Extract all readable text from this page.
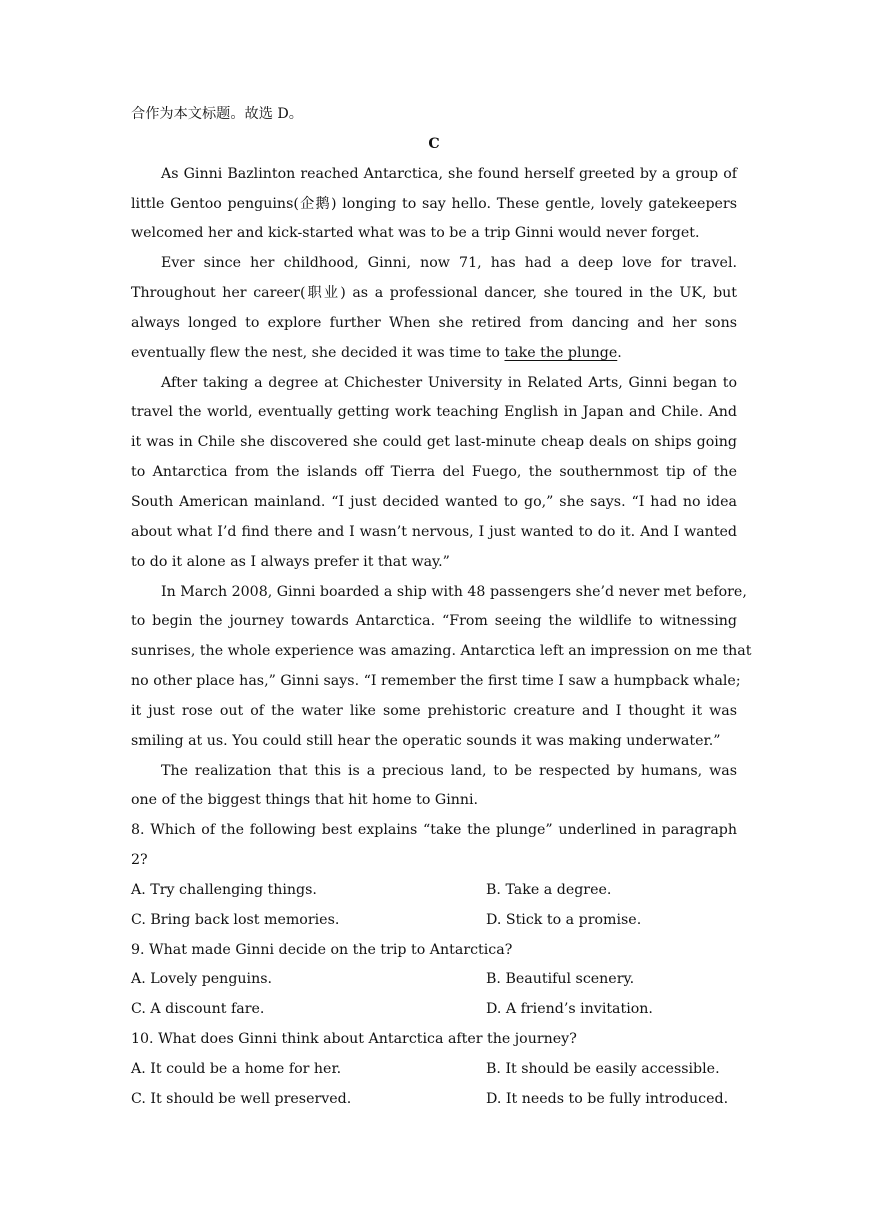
合作为本文标题。故选 D。
C
As Ginni Bazlinton reached Antarctica, she found herself greeted by a group of
little Gentoo penguins(企鹅) longing to say hello. These gentle, lovely gatekeepers
welcomed her and kick-started what was to be a trip Ginni would never forget.
Ever since her childhood, Ginni, now 71, has had a deep love for travel.
Throughout her career(职业) as a professional dancer, she toured in the UK, but
always longed to explore further When she retired from dancing and her sons
eventually flew the nest, she decided it was time to take the plunge.
After taking a degree at Chichester University in Related Arts, Ginni began to
travel the world, eventually getting work teaching English in Japan and Chile. And
it was in Chile she discovered she could get last-minute cheap deals on ships going
to Antarctica from the islands off Tierra del Fuego, the southernmost tip of the
South American mainland. “I just decided wanted to go,” she says. “I had no idea
about what I’d find there and I wasn’t nervous, I just wanted to do it. And I wanted
to do it alone as I always prefer it that way.”
In March 2008, Ginni boarded a ship with 48 passengers she’d never met before,
to begin the journey towards Antarctica. “From seeing the wildlife to witnessing
sunrises, the whole experience was amazing. Antarctica left an impression on me that
no other place has,” Ginni says. “I remember the first time I saw a humpback whale;
it just rose out of the water like some prehistoric creature and I thought it was
smiling at us. You could still hear the operatic sounds it was making underwater.”
The realization that this is a precious land, to be respected by humans, was
one of the biggest things that hit home to Ginni.
8. Which of the following best explains “take the plunge” underlined in paragraph
2?
A. Try challenging things.	B. Take a degree.
C. Bring back lost memories.	D. Stick to a promise.
9. What made Ginni decide on the trip to Antarctica?
A. Lovely penguins.	B. Beautiful scenery.
C. A discount fare.	D. A friend’s invitation.
10. What does Ginni think about Antarctica after the journey?
A. It could be a home for her.	B. It should be easily accessible.
C. It should be well preserved.	D. It needs to be fully introduced.
